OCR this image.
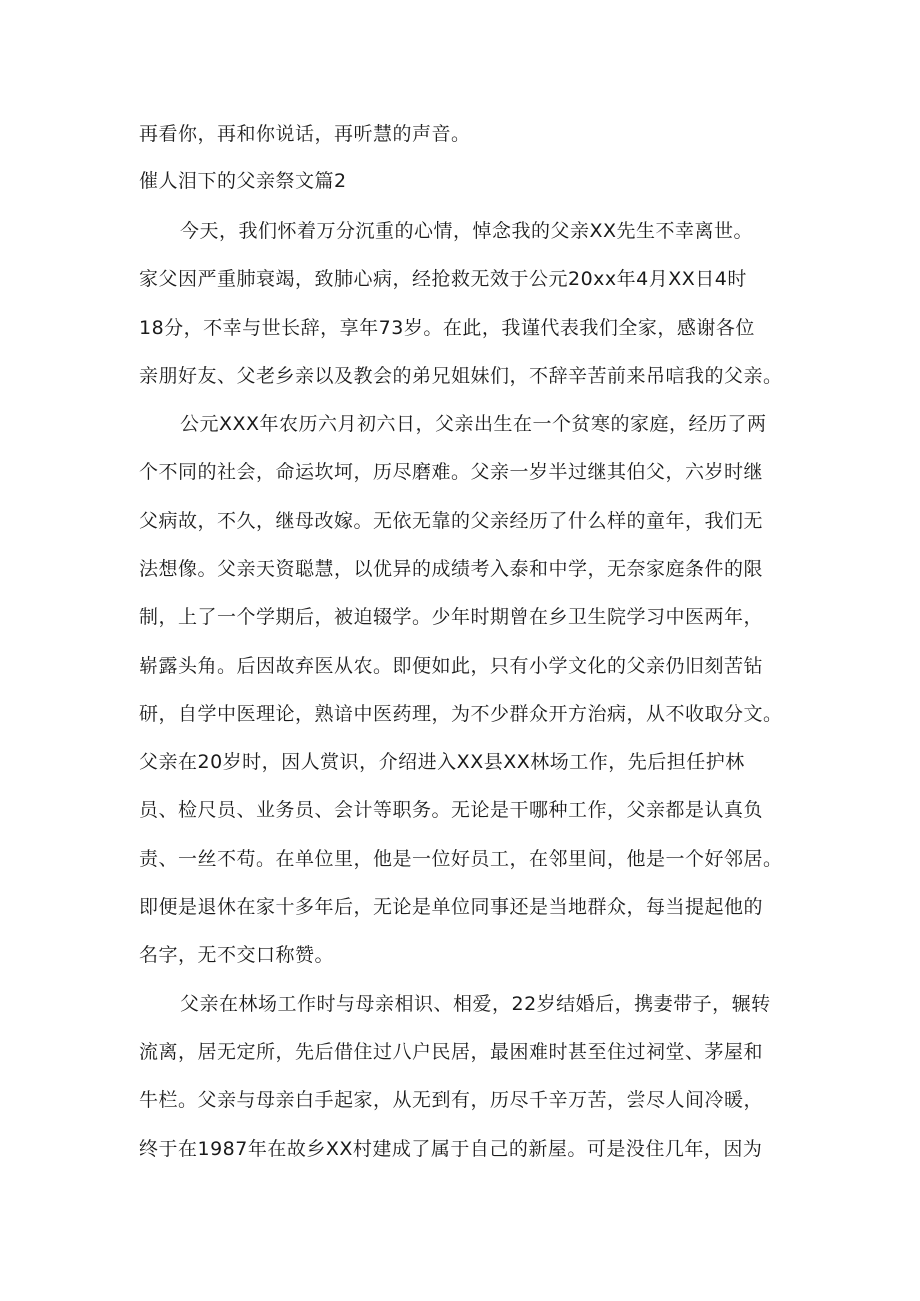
再看你，再和你说话，再听慧的声音。
催人泪下的父亲祭文篇2
今天，我们怀着万分沉重的心情，悼念我的父亲XX先生不幸离世。
家父因严重肺衰竭，致肺心病，经抢救无效于公元20xx年4月XX日4时
18分，不幸与世长辞，享年73岁。在此，我谨代表我们全家，感谢各位
亲朋好友、父老乡亲以及教会的弟兄姐妹们，不辞辛苦前来吊唁我的父亲。
公元XXX年农历六月初六日，父亲出生在一个贫寒的家庭，经历了两
个不同的社会，命运坎坷，历尽磨难。父亲一岁半过继其伯父，六岁时继
父病故，不久，继母改嫁。无依无靠的父亲经历了什么样的童年，我们无
法想像。父亲天资聪慧，以优异的成绩考入泰和中学，无奈家庭条件的限
制，上了一个学期后，被迫辍学。少年时期曾在乡卫生院学习中医两年，
崭露头角。后因故弃医从农。即便如此，只有小学文化的父亲仍旧刻苦钻
研，自学中医理论，熟谙中医药理，为不少群众开方治病，从不收取分文。
父亲在20岁时，因人赏识，介绍进入XX县XX林场工作，先后担任护林
员、检尺员、业务员、会计等职务。无论是干哪种工作，父亲都是认真负
责、一丝不苟。在单位里，他是一位好员工，在邻里间，他是一个好邻居。
即便是退休在家十多年后，无论是单位同事还是当地群众，每当提起他的
名字，无不交口称赞。
父亲在林场工作时与母亲相识、相爱，22岁结婚后，携妻带子，辗转
流离，居无定所，先后借住过八户民居，最困难时甚至住过祠堂、茅屋和
牛栏。父亲与母亲白手起家，从无到有，历尽千辛万苦，尝尽人间冷暖，
终于在1987年在故乡XX村建成了属于自己的新屋。可是没住几年，因为
